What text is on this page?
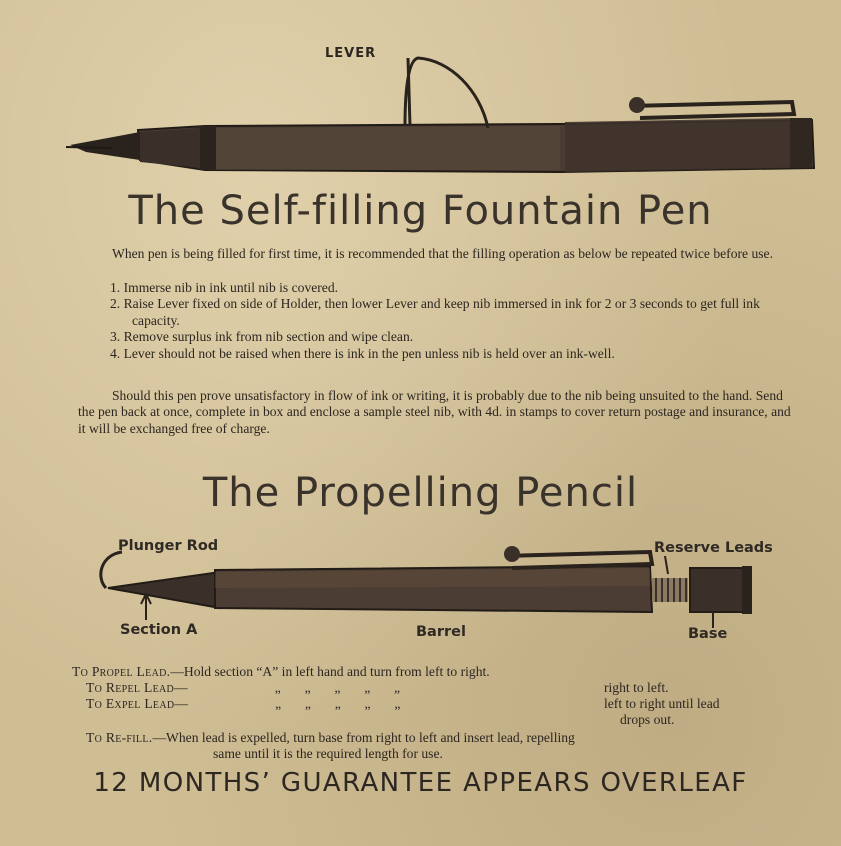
LEVER
The Self-filling Fountain Pen
When pen is being filled for first time, it is recommended that the filling operation as below be repeated twice before use.
1. Immerse nib in ink until nib is covered.
2. Raise Lever fixed on side of Holder, then lower Lever and keep nib immersed in ink for 2 or 3 seconds to get full ink capacity.
3. Remove surplus ink from nib section and wipe clean.
4. Lever should not be raised when there is ink in the pen unless nib is held over an ink-well.
Should this pen prove unsatisfactory in flow of ink or writing, it is probably due to the nib being unsuited to the hand. Send the pen back at once, complete in box and enclose a sample steel nib, with 4d. in stamps to cover return postage and insurance, and it will be exchanged free of charge.
The Propelling Pencil
Plunger Rod
Section A	Barrel
Reserve Leads
Base
To Propel Lead.—Hold section “A” in left hand and turn from left to right.
To Repel Lead—	„       „       „       „       „	right to left.
To Expel Lead—	„       „       „       „       „	left to right until lead
drops out.
To Re-fill.—When lead is expelled, turn base from right to left and insert lead, repelling
same until it is the required length for use.
12 MONTHS’ GUARANTEE APPEARS OVERLEAF
